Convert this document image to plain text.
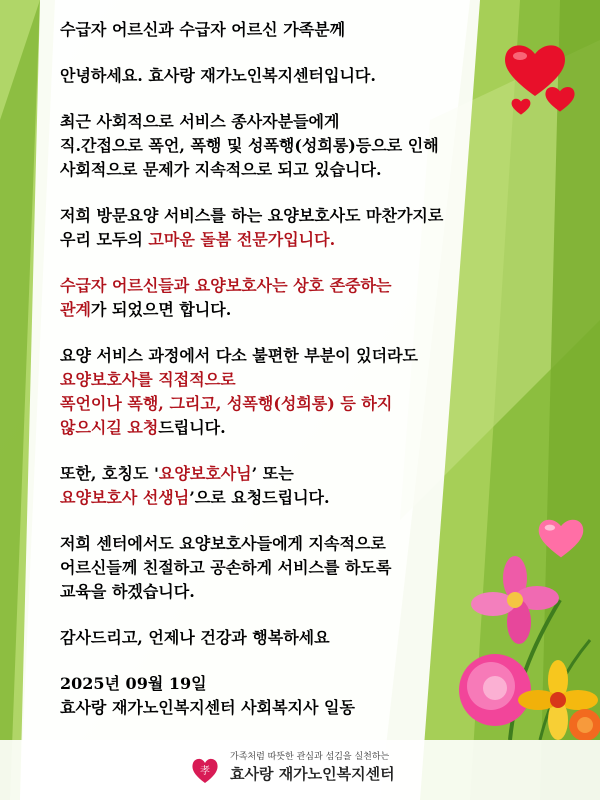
수급자 어르신과 수급자 어르신 가족분께
안녕하세요. 효사랑 재가노인복지센터입니다.
최근 사회적으로 서비스 종사자분들에게
직.간접으로 폭언, 폭행 및 성폭행(성희롱)등으로 인해
사회적으로 문제가 지속적으로 되고 있습니다.
저희 방문요양 서비스를 하는 요양보호사도 마찬가지로
우리 모두의 고마운 돌봄 전문가입니다.
수급자 어르신들과 요양보호사는 상호 존중하는
관계가 되었으면 합니다.
요양 서비스 과정에서 다소 불편한 부분이 있더라도
요양보호사를 직접적으로
폭언이나 폭행, 그리고, 성폭행(성희롱) 등 하지
않으시길 요청드립니다.
또한, 호칭도 '요양보호사님’ 또는
요양보호사 선생님’으로 요청드립니다.
저희 센터에서도 요양보호사들에게 지속적으로
어르신들께 친절하고 공손하게 서비스를 하도록
교육을 하겠습니다.
감사드리고, 언제나 건강과 행복하세요
2025년 09월 19일
효사랑 재가노인복지센터 사회복지사 일동
孝
가족처럼 따뜻한 관심과 섬김을 실천하는
효사랑 재가노인복지센터
